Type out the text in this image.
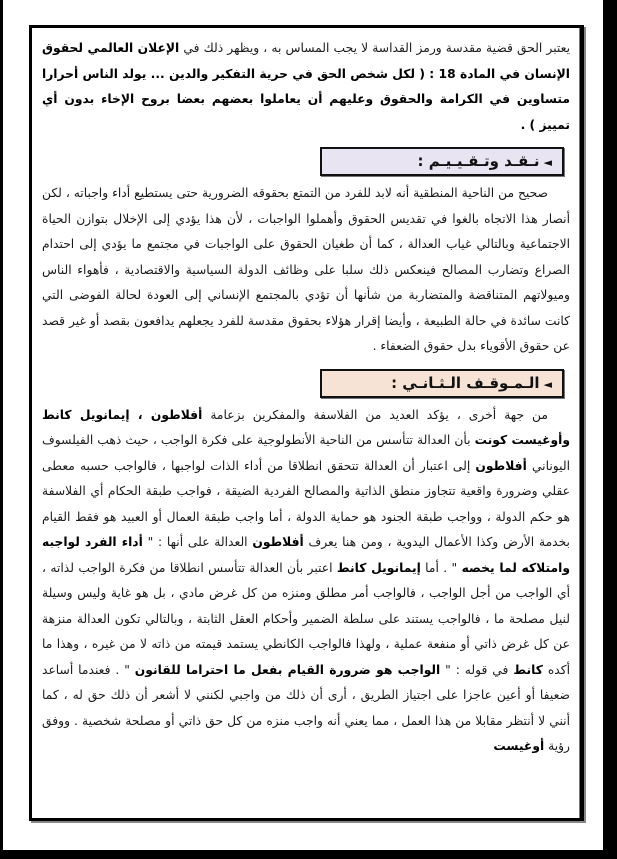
يعتبر الحق قضية مقدسة ورمز القداسة لا يجب المساس به ، ويظهر ذلك في الإعلان العالمي لحقوق الإنسان في المادة 18 : ( لكل شخص الحق في حرية التفكير والدين ... يولد الناس أحرارا متساوين في الكرامة والحقوق وعليهم أن يعاملوا بعضهم بعضا بروح الإخاء بدون أي تمييز ) .

◄نـقـد وتـقـيـيـم :

صحيح من الناحية المنطقية أنه لابد للفرد من التمتع بحقوقه الضرورية حتى يستطيع أداء واجباته ، لكن أنصار هذا الاتجاه بالغوا في تقديس الحقوق وأهملوا الواجبات ، لأن هذا يؤدي إلى الإخلال بتوازن الحياة الاجتماعية وبالتالي غياب العدالة ، كما أن طغيان الحقوق على الواجبات في مجتمع ما يؤدي إلى احتدام الصراع وتضارب المصالح فينعكس ذلك سلبا على وظائف الدولة السياسية والاقتصادية ، فأهواء الناس وميولاتهم المتناقضة والمتضاربة من شأنها أن تؤدي بالمجتمع الإنساني إلى العودة لحالة الفوضى التي كانت سائدة في حالة الطبيعة ، وأيضا إقرار هؤلاء بحقوق مقدسة للفرد يجعلهم يدافعون بقصد أو غير قصد عن حقوق الأقوياء بدل حقوق الضعفاء .

◄الـمـوقـف الـثـانـي :

من جهة أخرى ، يؤكد العديد من الفلاسفة والمفكرين بزعامة أفلاطون ، إيمانويل كانط وأوغيست كونت بأن العدالة تتأسس من الناحية الأنطولوجية على فكرة الواجب ، حيث ذهب الفيلسوف اليوناني أفلاطون إلى اعتبار أن العدالة تتحقق انطلاقا من أداء الذات لواجبها ، فالواجب حسبه معطى عقلي وضرورة واقعية تتجاوز منطق الذاتية والمصالح الفردية الضيقة ، فواجب طبقة الحكام أي الفلاسفة هو حكم الدولة ، وواجب طبقة الجنود هو حماية الدولة ، أما واجب طبقة العمال أو العبيد هو فقط القيام بخدمة الأرض وكذا الأعمال اليدوية ، ومن هنا يعرف أفلاطون العدالة على أنها : " أداء الفرد لواجبه وامتلاكه لما يخصه " . أما إيمانويل كانط اعتبر بأن العدالة تتأسس انطلاقا من فكرة الواجب لذاته ، أي الواجب من أجل الواجب ، فالواجب أمر مطلق ومنزه من كل غرض مادي ، بل هو غاية وليس وسيلة لنيل مصلحة ما ، فالواجب يستند على سلطة الضمير وأحكام العقل الثابتة ، وبالتالي تكون العدالة منزهة عن كل غرض ذاتي أو منفعة عملية ، ولهذا فالواجب الكانطي يستمد قيمته من ذاته لا من غيره ، وهذا ما أكده كانط في قوله : " الواجب هو ضرورة القيام بفعل ما احتراما للقانون " . فعندما أساعد ضعيفا أو أعين عاجزا على اجتياز الطريق ، أرى أن ذلك من واجبي لكنني لا أشعر أن ذلك حق له ، كما أنني لا أنتظر مقابلا من هذا العمل ، مما يعني أنه واجب منزه من كل حق ذاتي أو مصلحة شخصية . ووفق رؤية أوغيست
